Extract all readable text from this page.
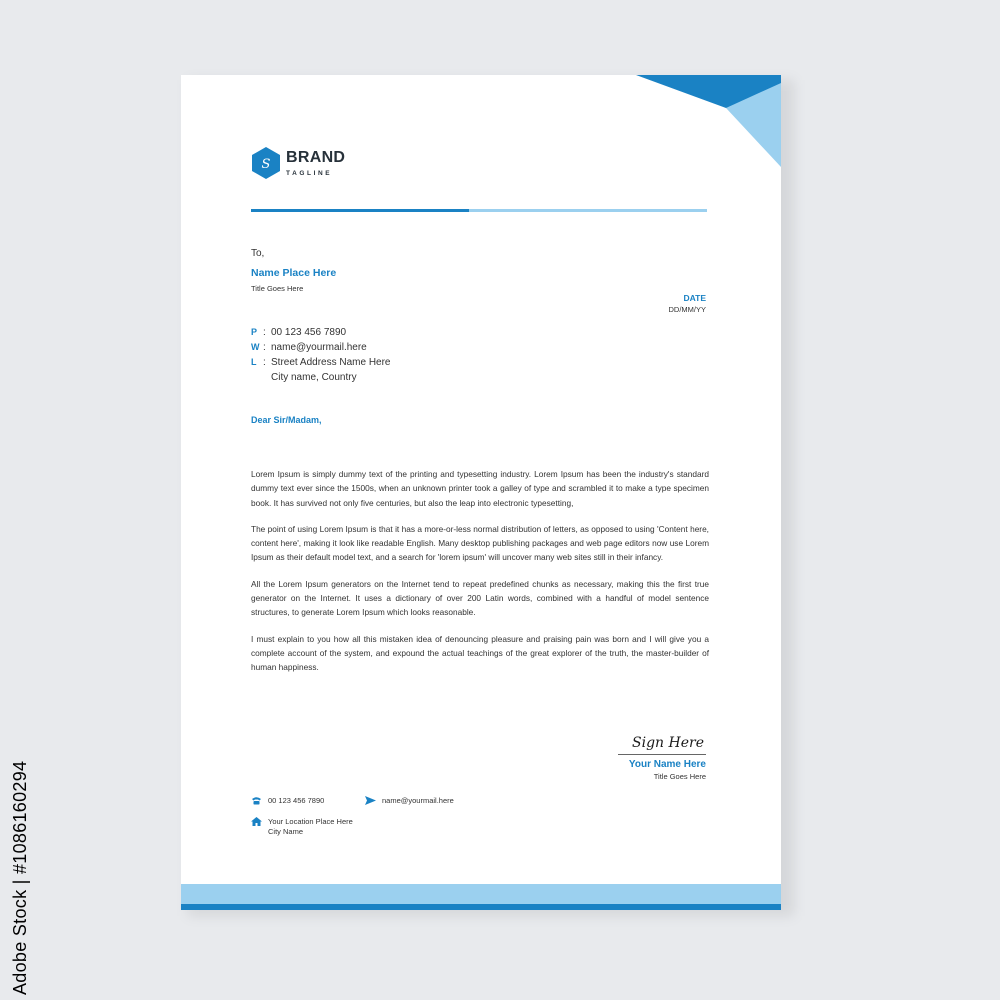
S BRAND
TAGLINE
To,
Name Place Here
Title Goes Here
DATE
DD/MM/YY
P : 00 123 456 7890
W : name@yourmail.here
L : Street Address Name Here
City name, Country
Dear Sir/Madam,

Lorem Ipsum is simply dummy text of the printing and typesetting industry. Lorem Ipsum has been the industry's standard dummy text ever since the 1500s, when an unknown printer took a galley of type and scrambled it to make a type specimen book. It has survived not only five centuries, but also the leap into electronic typesetting,

The point of using Lorem Ipsum is that it has a more-or-less normal distribution of letters, as opposed to using 'Content here, content here', making it look like readable English. Many desktop publishing packages and web page editors now use Lorem Ipsum as their default model text, and a search for 'lorem ipsum' will uncover many web sites still in their infancy.

All the Lorem Ipsum generators on the Internet tend to repeat predefined chunks as necessary, making this the first true generator on the Internet. It uses a dictionary of over 200 Latin words, combined with a handful of model sentence structures, to generate Lorem Ipsum which looks reasonable.

I must explain to you how all this mistaken idea of denouncing pleasure and praising pain was born and I will give you a complete account of the system, and expound the actual teachings of the great explorer of the truth, the master-builder of human happiness.

Sign Here
Your Name Here
Title Goes Here
00 123 456 7890	name@yourmail.here
Your Location Place Here
City Name
Adobe Stock | #1086160294
